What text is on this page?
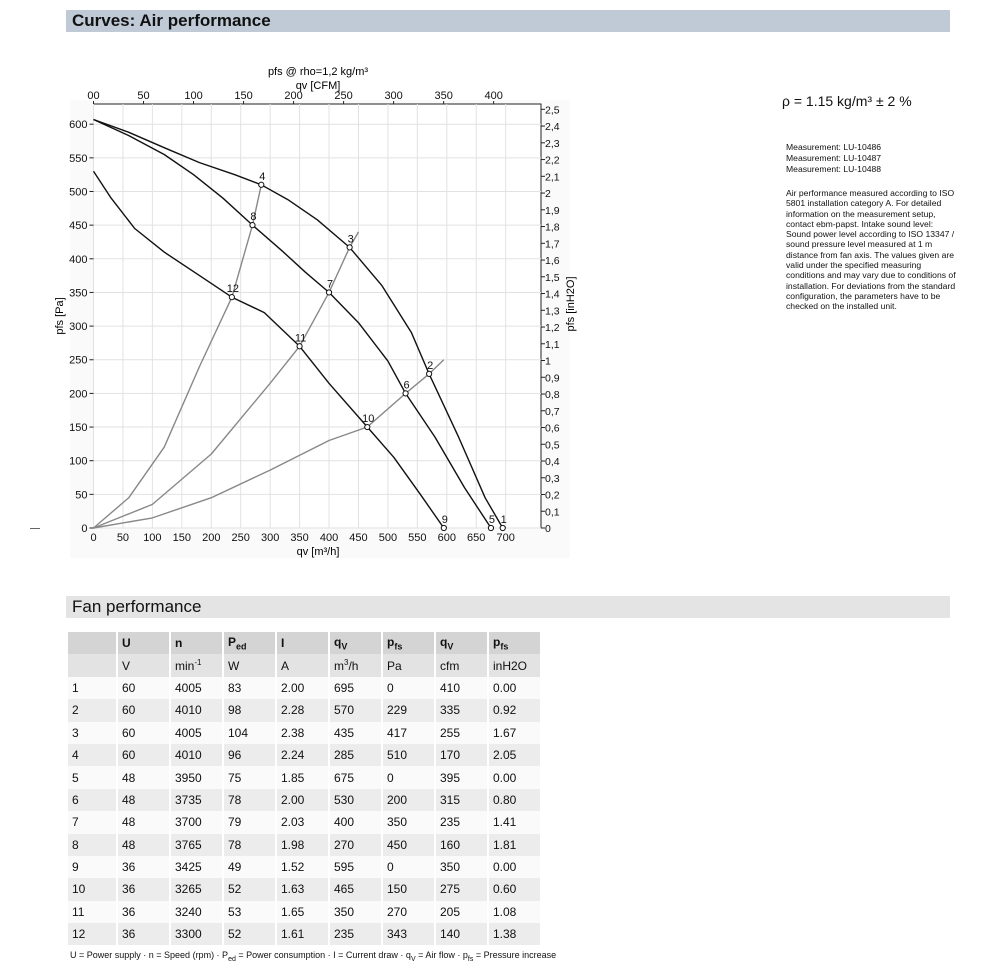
Curves: Air performance
0 50 100 150 200 250 300 350 400 450 500 550 600 650 700
0
50
100
150
200
250
300
350
400
450
500
550
600
00	50	100	150	200	250	300	350	400
0
0,1
0,2
0,3
0,4
0,5
0,6
0,7
0,8
0,9
1
1,1
1,2
1,3
1,4
1,5
1,6
1,7
1,8
1,9
2
2,1
2,2
2,3
2,4
2,5
pfs @ rho=1,2 kg/m³
qv [CFM]
qv [m³/h]
pfs [Pa]	pfs [inH2O]
1
2
3
4
5
6
7
8
9
10
11
12
ρ = 1.15 kg/m³ ± 2 %
Measurement: LU-10486
Measurement: LU-10487
Measurement: LU-10488
Air performance measured according to ISO 5801 installation category A. For detailed information on the measurement setup, contact ebm-papst. Intake sound level: Sound power level according to ISO 13347 / sound pressure level measured at 1 m distance from fan axis. The values given are valid under the specified measuring conditions and may vary due to conditions of installation. For deviations from the standard configuration, the parameters have to be checked on the installed unit.
Fan performance
	U	n	$P_{ed}$	I	$q_V$	$p_{fs}$	$q_V$	$p_{fs}$
	V	$\min^{-1}$	W	A	$m^3/h$	Pa	cfm	inH2O
1	60	4005	83	2.00	695	0	410	0.00
2	60	4010	98	2.28	570	229	335	0.92
3	60	4005	104	2.38	435	417	255	1.67
4	60	4010	96	2.24	285	510	170	2.05
5	48	3950	75	1.85	675	0	395	0.00
6	48	3735	78	2.00	530	200	315	0.80
7	48	3700	79	2.03	400	350	235	1.41
8	48	3765	78	1.98	270	450	160	1.81
9	36	3425	49	1.52	595	0	350	0.00
10	36	3265	52	1.63	465	150	275	0.60
11	36	3240	53	1.65	350	270	205	1.08
12	36	3300	52	1.61	235	343	140	1.38
U = Power supply · n = Speed $(rpm) \cdot P_{ed}$ = Power consumption · I = Current draw · $q_V$ = Air flow · $p_{fs}$ = Pressure increase
